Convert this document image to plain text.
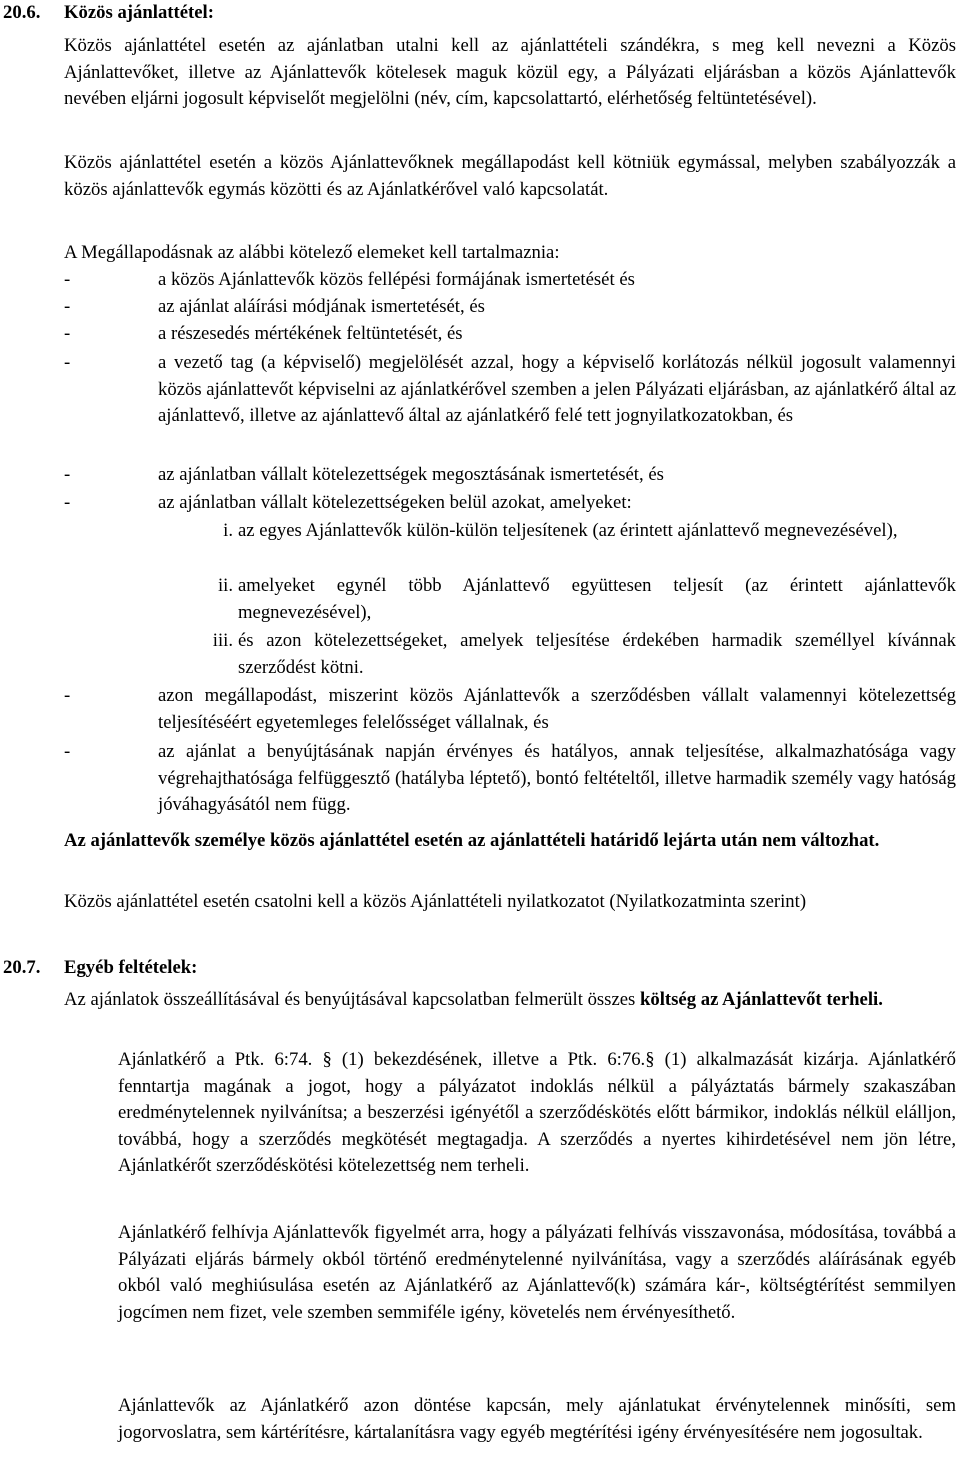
20.6. Közös ajánlattétel:
Közös ajánlattétel esetén az ajánlatban utalni kell az ajánlattételi szándékra, s meg kell nevezni a Közös Ajánlattevőket, illetve az Ajánlattevők kötelesek maguk közül egy, a Pályázati eljárásban a közös Ajánlattevők nevében eljárni jogosult képviselőt megjelölni (név, cím, kapcsolattartó, elérhetőség feltüntetésével).
Közös ajánlattétel esetén a közös Ajánlattevőknek megállapodást kell kötniük egymással, melyben szabályozzák a közös ajánlattevők egymás közötti és az Ajánlatkérővel való kapcsolatát.
A Megállapodásnak az alábbi kötelező elemeket kell tartalmaznia:
-	a közös Ajánlattevők közös fellépési formájának ismertetését és
-	az ajánlat aláírási módjának ismertetését, és
-	a részesedés mértékének feltüntetését, és
-	a vezető tag (a képviselő) megjelölését azzal, hogy a képviselő korlátozás nélkül jogosult valamennyi közös ajánlattevőt képviselni az ajánlatkérővel szemben a jelen Pályázati eljárásban, az ajánlatkérő által az ajánlattevő, illetve az ajánlattevő által az ajánlatkérő felé tett jognyilatkozatokban, és
-	az ajánlatban vállalt kötelezettségek megosztásának ismertetését, és
-	az ajánlatban vállalt kötelezettségeken belül azokat, amelyeket:
i. az egyes Ajánlattevők külön-külön teljesítenek (az érintett ajánlattevő megnevezésével),
ii. amelyeket egynél több Ajánlattevő együttesen teljesít (az érintett ajánlattevők megnevezésével),
iii. és azon kötelezettségeket, amelyek teljesítése érdekében harmadik személlyel kívánnak szerződést kötni.
-	azon megállapodást, miszerint közös Ajánlattevők a szerződésben vállalt valamennyi kötelezettség teljesítéséért egyetemleges felelősséget vállalnak, és
-	az ajánlat a benyújtásának napján érvényes és hatályos, annak teljesítése, alkalmazhatósága vagy végrehajthatósága felfüggesztő (hatályba léptető), bontó feltételtől, illetve harmadik személy vagy hatóság jóváhagyásától nem függ.
Az ajánlattevők személye közös ajánlattétel esetén az ajánlattételi határidő lejárta után nem változhat.
Közös ajánlattétel esetén csatolni kell a közös Ajánlattételi nyilatkozatot (Nyilatkozatminta szerint)
20.7. Egyéb feltételek:
Az ajánlatok összeállításával és benyújtásával kapcsolatban felmerült összes költség az Ajánlattevőt terheli.
Ajánlatkérő a Ptk. 6:74. § (1) bekezdésének, illetve a Ptk. 6:76.§ (1) alkalmazását kizárja. Ajánlatkérő fenntartja magának a jogot, hogy a pályázatot indoklás nélkül a pályáztatás bármely szakaszában eredménytelennek nyilvánítsa; a beszerzési igényétől a szerződéskötés előtt bármikor, indoklás nélkül elálljon, továbbá, hogy a szerződés megkötését megtagadja. A szerződés a nyertes kihirdetésével nem jön létre, Ajánlatkérőt szerződéskötési kötelezettség nem terheli.
Ajánlatkérő felhívja Ajánlattevők figyelmét arra, hogy a pályázati felhívás visszavonása, módosítása, továbbá a Pályázati eljárás bármely okból történő eredménytelenné nyilvánítása, vagy a szerződés aláírásának egyéb okból való meghiúsulása esetén az Ajánlatkérő az Ajánlattevő(k) számára kár-, költségtérítést semmilyen jogcímen nem fizet, vele szemben semmiféle igény, követelés nem érvényesíthető.
Ajánlattevők az Ajánlatkérő azon döntése kapcsán, mely ajánlatukat érvénytelennek minősíti, sem jogorvoslatra, sem kártérítésre, kártalanításra vagy egyéb megtérítési igény érvényesítésére nem jogosultak.
